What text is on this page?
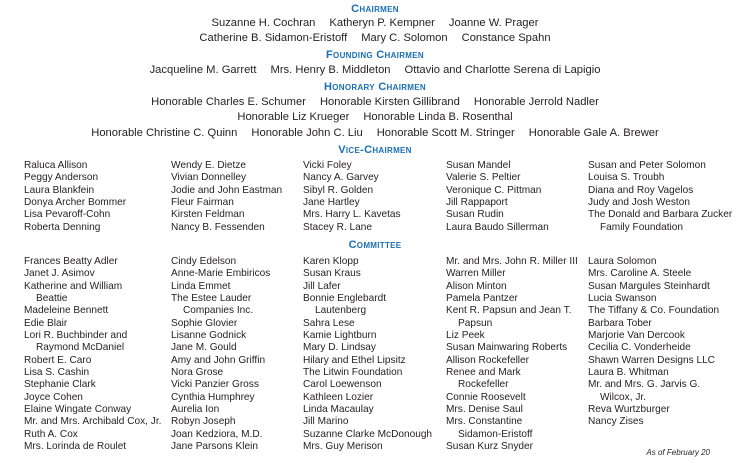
Chairmen
Suzanne H. Cochran Katheryn P. Kempner Joanne W. Prager
Catherine B. Sidamon-Eristoff Mary C. Solomon Constance Spahn
Founding Chairmen
Jacqueline M. Garrett Mrs. Henry B. Middleton Ottavio and Charlotte Serena di Lapigio
Honorary Chairmen
Honorable Charles E. Schumer Honorable Kirsten Gillibrand Honorable Jerrold Nadler
Honorable Liz Krueger Honorable Linda B. Rosenthal
Honorable Christine C. Quinn Honorable John C. Liu Honorable Scott M. Stringer Honorable Gale A. Brewer
Vice-Chairmen
Raluca Allison
Peggy Anderson
Laura Blankfein
Donya Archer Bommer
Lisa Pevaroff-Cohn
Roberta Denning
Wendy E. Dietze
Vivian Donnelley
Jodie and John Eastman
Fleur Fairman
Kirsten Feldman
Nancy B. Fessenden
Vicki Foley
Nancy A. Garvey
Sibyl R. Golden
Jane Hartley
Mrs. Harry L. Kavetas
Stacey R. Lane
Susan Mandel
Valerie S. Peltier
Veronique C. Pittman
Jill Rappaport
Susan Rudin
Laura Baudo Sillerman
Susan and Peter Solomon
Louisa S. Troubh
Diana and Roy Vagelos
Judy and Josh Weston
The Donald and Barbara Zucker
Family Foundation
Committee
Frances Beatty Adler
Janet J. Asimov
Katherine and William
Beattie
Madeleine Bennett
Edie Blair
Lori R. Buchbinder and
Raymond McDaniel
Robert E. Caro
Lisa S. Cashin
Stephanie Clark
Joyce Cohen
Elaine Wingate Conway
Mr. and Mrs. Archibald Cox, Jr.
Ruth A. Cox
Mrs. Lorinda de Roulet
Cindy Edelson
Anne-Marie Embiricos
Linda Emmet
The Estee Lauder
Companies Inc.
Sophie Glovier
Lisanne Godnick
Jane M. Gould
Amy and John Griffin
Nora Grose
Vicki Panzier Gross
Cynthia Humphrey
Aurelia Ion
Robyn Joseph
Joan Kedziora, M.D.
Jane Parsons Klein
Karen Klopp
Susan Kraus
Jill Lafer
Bonnie Englebardt
Lautenberg
Sahra Lese
Kamie Lightburn
Mary D. Lindsay
Hilary and Ethel Lipsitz
The Litwin Foundation
Carol Loewenson
Kathleen Lozier
Linda Macaulay
Jill Marino
Suzanne Clarke McDonough
Mrs. Guy Merison
Mr. and Mrs. John R. Miller III
Warren Miller
Alison Minton
Pamela Pantzer
Kent R. Papsun and Jean T.
Papsun
Liz Peek
Susan Mainwaring Roberts
Allison Rockefeller
Renee and Mark
Rockefeller
Connie Roosevelt
Mrs. Denise Saul
Mrs. Constantine
Sidamon-Eristoff
Susan Kurz Snyder
Laura Solomon
Mrs. Caroline A. Steele
Susan Margules Steinhardt
Lucia Swanson
The Tiffany & Co. Foundation
Barbara Tober
Marjorie Van Dercook
Cecilia C. Vonderheide
Shawn Warren Designs LLC
Laura B. Whitman
Mr. and Mrs. G. Jarvis G.
Wilcox, Jr.
Reva Wurtzburger
Nancy Zises
As of February 20
